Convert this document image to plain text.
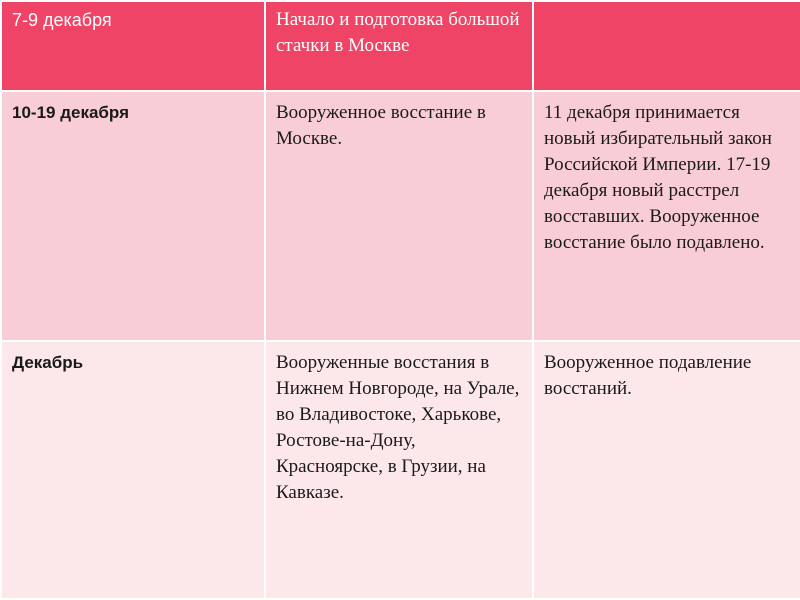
7-9 декабря	Начало и подготовка большой стачки в Москве	

10-19 декабря	Вооруженное восстание в Москве.	11 декабря принимается новый избирательный закон Российской Империи. 17-19 декабря новый расстрел восставших. Вооруженное восстание было подавлено.

Декабрь	Вооруженные восстания в Нижнем Новгороде, на Урале, во Владивостоке, Харькове, Ростове-на-Дону, Красноярске, в Грузии, на Кавказе.	Вооруженное подавление восстаний.
